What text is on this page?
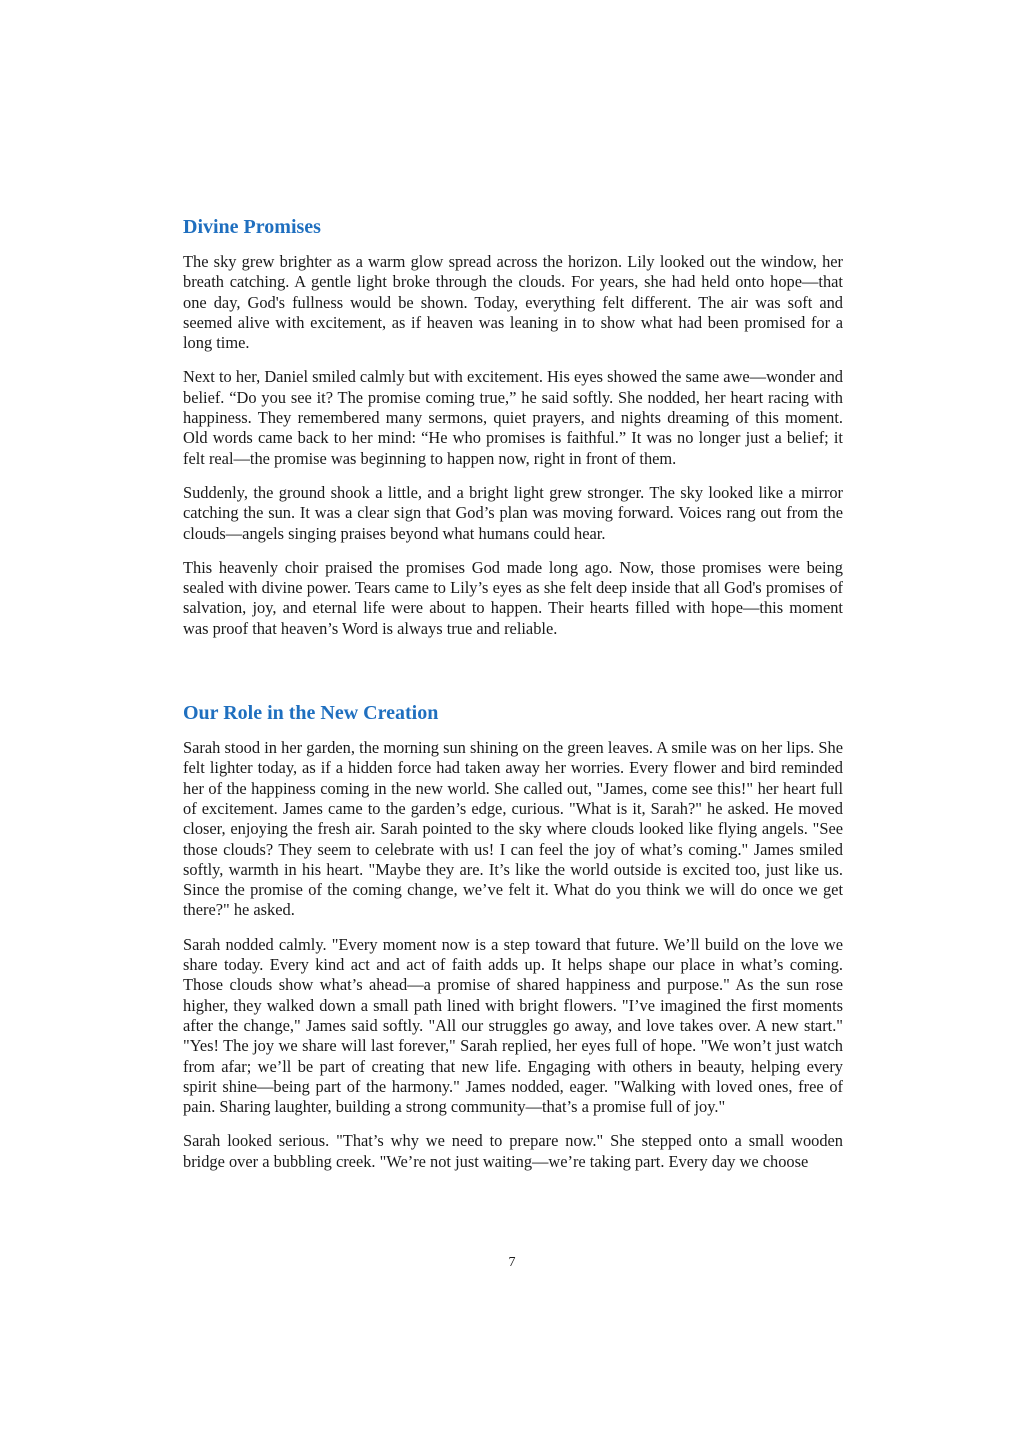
Divine Promises

The sky grew brighter as a warm glow spread across the horizon. Lily looked out the window, her breath catching. A gentle light broke through the clouds. For years, she had held onto hope—that one day, God's fullness would be shown. Today, everything felt different. The air was soft and seemed alive with excitement, as if heaven was leaning in to show what had been promised for a long time.

Next to her, Daniel smiled calmly but with excitement. His eyes showed the same awe—wonder and belief. “Do you see it? The promise coming true,” he said softly. She nodded, her heart racing with happiness. They remembered many sermons, quiet prayers, and nights dreaming of this moment. Old words came back to her mind: “He who promises is faithful.” It was no longer just a belief; it felt real—the promise was beginning to happen now, right in front of them.

Suddenly, the ground shook a little, and a bright light grew stronger. The sky looked like a mirror catching the sun. It was a clear sign that God’s plan was moving forward. Voices rang out from the clouds—angels singing praises beyond what humans could hear.

This heavenly choir praised the promises God made long ago. Now, those promises were being sealed with divine power. Tears came to Lily’s eyes as she felt deep inside that all God's promises of salvation, joy, and eternal life were about to happen. Their hearts filled with hope—this moment was proof that heaven’s Word is always true and reliable.

Our Role in the New Creation

Sarah stood in her garden, the morning sun shining on the green leaves. A smile was on her lips. She felt lighter today, as if a hidden force had taken away her worries. Every flower and bird reminded her of the happiness coming in the new world. She called out, "James, come see this!" her heart full of excitement. James came to the garden’s edge, curious. "What is it, Sarah?" he asked. He moved closer, enjoying the fresh air. Sarah pointed to the sky where clouds looked like flying angels. "See those clouds? They seem to celebrate with us! I can feel the joy of what’s coming." James smiled softly, warmth in his heart. "Maybe they are. It’s like the world outside is excited too, just like us. Since the promise of the coming change, we’ve felt it. What do you think we will do once we get there?" he asked.

Sarah nodded calmly. "Every moment now is a step toward that future. We’ll build on the love we share today. Every kind act and act of faith adds up. It helps shape our place in what’s coming. Those clouds show what’s ahead—a promise of shared happiness and purpose." As the sun rose higher, they walked down a small path lined with bright flowers. "I’ve imagined the first moments after the change," James said softly. "All our struggles go away, and love takes over. A new start." "Yes! The joy we share will last forever," Sarah replied, her eyes full of hope. "We won’t just watch from afar; we’ll be part of creating that new life. Engaging with others in beauty, helping every spirit shine—being part of the harmony." James nodded, eager. "Walking with loved ones, free of pain. Sharing laughter, building a strong community—that’s a promise full of joy."

Sarah looked serious. "That’s why we need to prepare now." She stepped onto a small wooden bridge over a bubbling creek. "We’re not just waiting—we’re taking part. Every day we choose

7
